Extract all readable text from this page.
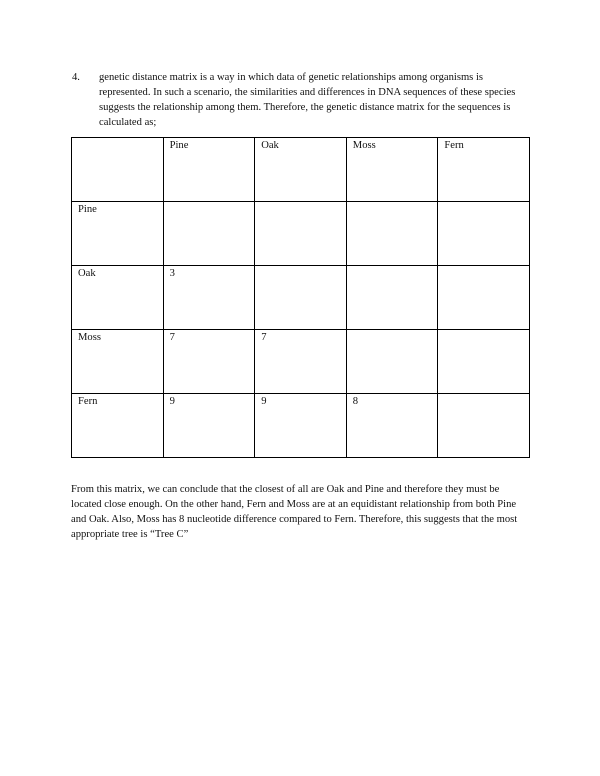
4. genetic distance matrix is a way in which data of genetic relationships among organisms is represented. In such a scenario, the similarities and differences in DNA sequences of these species suggests the relationship among them. Therefore, the genetic distance matrix for the sequences is calculated as;
	Pine	Oak	Moss	Fern
Pine				
Oak	3			
Moss	7	7		
Fern	9	9	8	
From this matrix, we can conclude that the closest of all are Oak and Pine and therefore they must be located close enough. On the other hand, Fern and Moss are at an equidistant relationship from both Pine and Oak. Also, Moss has 8 nucleotide difference compared to Fern. Therefore, this suggests that the most appropriate tree is “Tree C”
